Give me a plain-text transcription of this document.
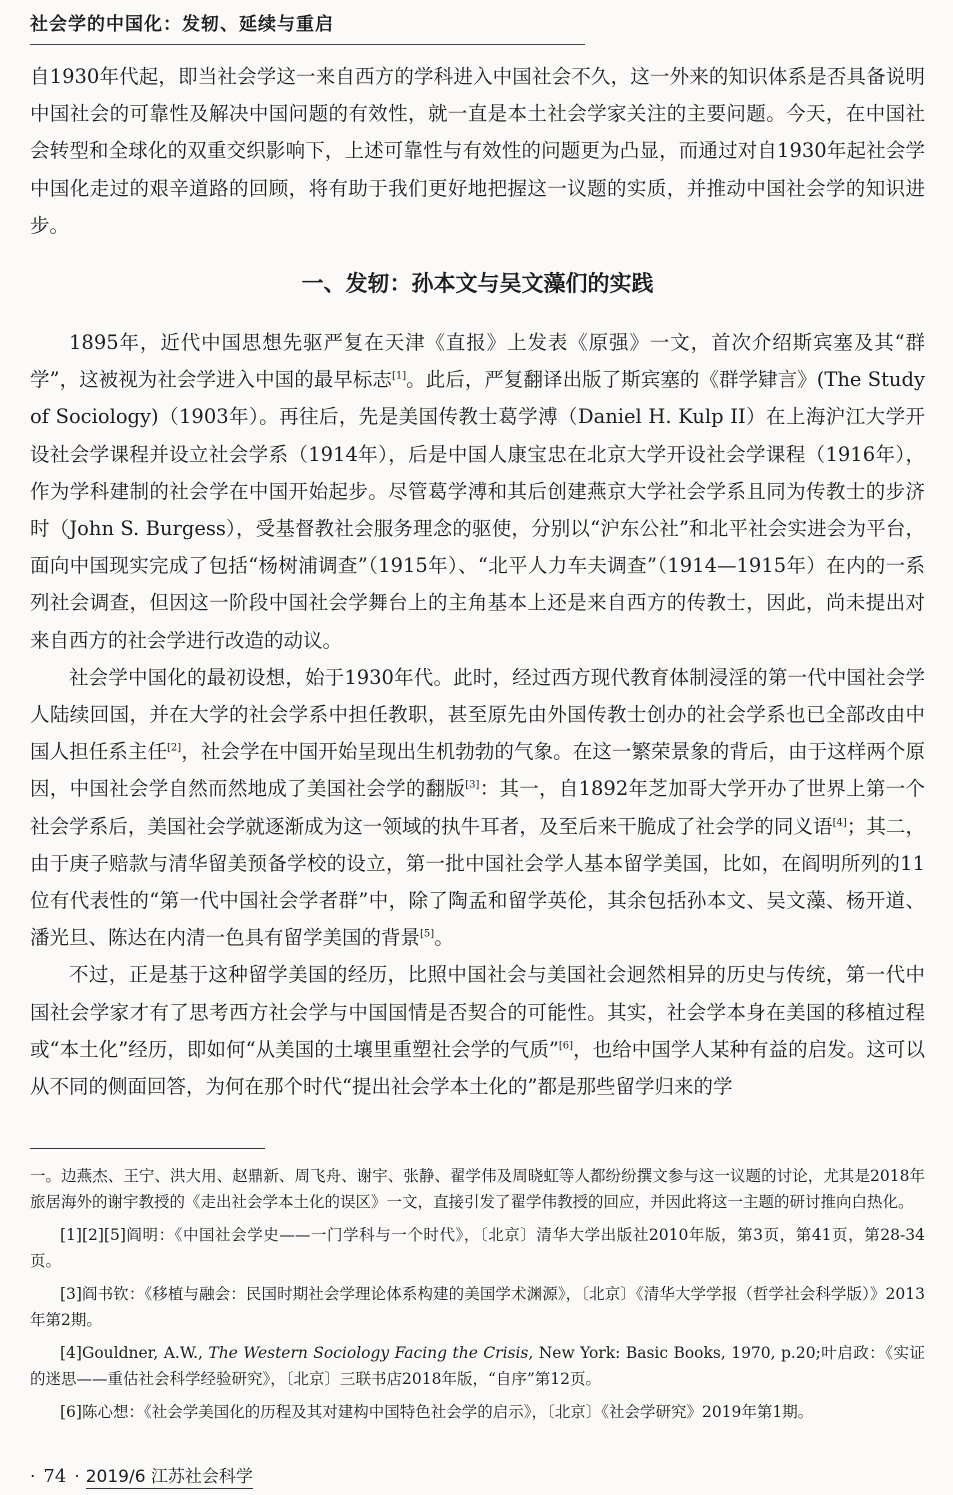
社会学的中国化：发轫、延续与重启

自1930年代起，即当社会学这一来自西方的学科进入中国社会不久，这一外来的知识体系是否具备说明中国社会的可靠性及解决中国问题的有效性，就一直是本土社会学家关注的主要问题。今天，在中国社会转型和全球化的双重交织影响下，上述可靠性与有效性的问题更为凸显，而通过对自1930年起社会学中国化走过的艰辛道路的回顾，将有助于我们更好地把握这一议题的实质，并推动中国社会学的知识进步。

一、发轫：孙本文与吴文藻们的实践

1895年，近代中国思想先驱严复在天津《直报》上发表《原强》一文，首次介绍斯宾塞及其“群学”，这被视为社会学进入中国的最早标志[1]。此后，严复翻译出版了斯宾塞的《群学肄言》(The Study of Sociology)（1903年）。再往后，先是美国传教士葛学溥（Daniel H. Kulp II）在上海沪江大学开设社会学课程并设立社会学系（1914年），后是中国人康宝忠在北京大学开设社会学课程（1916年），作为学科建制的社会学在中国开始起步。尽管葛学溥和其后创建燕京大学社会学系且同为传教士的步济时（John S. Burgess），受基督教社会服务理念的驱使，分别以“沪东公社”和北平社会实进会为平台，面向中国现实完成了包括“杨树浦调查”（1915年）、“北平人力车夫调查”（1914—1915年）在内的一系列社会调查，但因这一阶段中国社会学舞台上的主角基本上还是来自西方的传教士，因此，尚未提出对来自西方的社会学进行改造的动议。

社会学中国化的最初设想，始于1930年代。此时，经过西方现代教育体制浸淫的第一代中国社会学人陆续回国，并在大学的社会学系中担任教职，甚至原先由外国传教士创办的社会学系也已全部改由中国人担任系主任[2]，社会学在中国开始呈现出生机勃勃的气象。在这一繁荣景象的背后，由于这样两个原因，中国社会学自然而然地成了美国社会学的翻版[3]：其一，自1892年芝加哥大学开办了世界上第一个社会学系后，美国社会学就逐渐成为这一领域的执牛耳者，及至后来干脆成了社会学的同义语[4]；其二，由于庚子赔款与清华留美预备学校的设立，第一批中国社会学人基本留学美国，比如，在阎明所列的11位有代表性的“第一代中国社会学者群”中，除了陶孟和留学英伦，其余包括孙本文、吴文藻、杨开道、潘光旦、陈达在内清一色具有留学美国的背景[5]。

不过，正是基于这种留学美国的经历，比照中国社会与美国社会迥然相异的历史与传统，第一代中国社会学家才有了思考西方社会学与中国国情是否契合的可能性。其实，社会学本身在美国的移植过程或“本土化”经历，即如何“从美国的土壤里重塑社会学的气质”[6]，也给中国学人某种有益的启发。这可以从不同的侧面回答，为何在那个时代“提出社会学本土化的”都是那些留学归来的学

一。边燕杰、王宁、洪大用、赵鼎新、周飞舟、谢宇、张静、翟学伟及周晓虹等人都纷纷撰文参与这一议题的讨论，尤其是2018年旅居海外的谢宇教授的《走出社会学本土化的误区》一文，直接引发了翟学伟教授的回应，并因此将这一主题的研讨推向白热化。

[1][2][5]阎明：《中国社会学史——一门学科与一个时代》，〔北京〕清华大学出版社2010年版，第3页，第41页，第28-34页。

[3]阎书钦：《移植与融会：民国时期社会学理论体系构建的美国学术渊源》，〔北京〕《清华大学学报（哲学社会科学版）》2013年第2期。

[4]Gouldner, A.W., The Western Sociology Facing the Crisis, New York: Basic Books, 1970, p.20;叶启政：《实证的迷思——重估社会科学经验研究》，〔北京〕三联书店2018年版，“自序”第12页。

[6]陈心想：《社会学美国化的历程及其对建构中国特色社会学的启示》，〔北京〕《社会学研究》2019年第1期。

· 74 · 2019/6 江苏社会科学
